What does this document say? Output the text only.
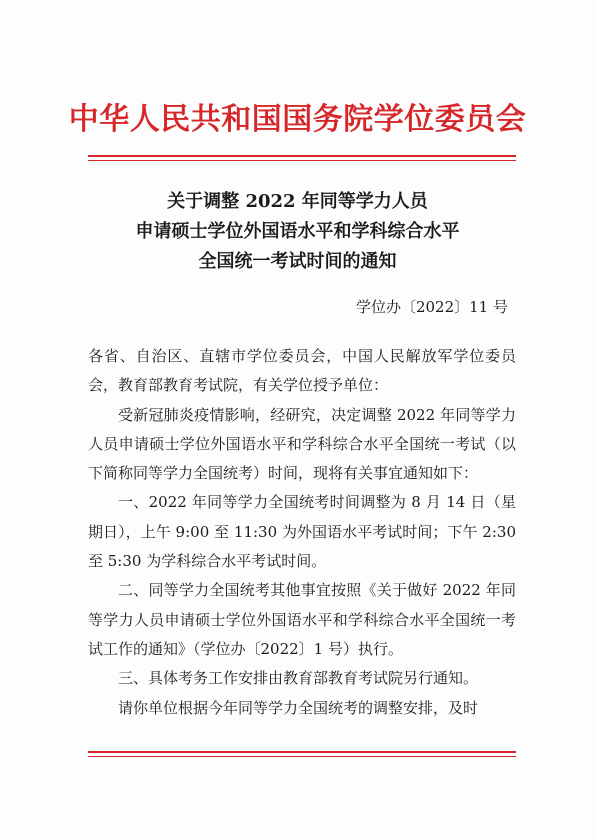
中华人民共和国国务院学位委员会
关于调整 2022 年同等学力人员
申请硕士学位外国语水平和学科综合水平
全国统一考试时间的通知
学位办〔2022〕11 号

各省、自治区、直辖市学位委员会，中国人民解放军学位委员会，教育部教育考试院，有关学位授予单位：

受新冠肺炎疫情影响，经研究，决定调整 2022 年同等学力人员申请硕士学位外国语水平和学科综合水平全国统一考试（以下简称同等学力全国统考）时间，现将有关事宜通知如下：

一、2022 年同等学力全国统考时间调整为 8 月 14 日（星期日），上午 9:00 至 11:30 为外国语水平考试时间；下午 2:30 至 5:30 为学科综合水平考试时间。

二、同等学力全国统考其他事宜按照《关于做好 2022 年同等学力人员申请硕士学位外国语水平和学科综合水平全国统一考试工作的通知》（学位办〔2022〕1 号）执行。

三、具体考务工作安排由教育部教育考试院另行通知。

请你单位根据今年同等学力全国统考的调整安排，及时
